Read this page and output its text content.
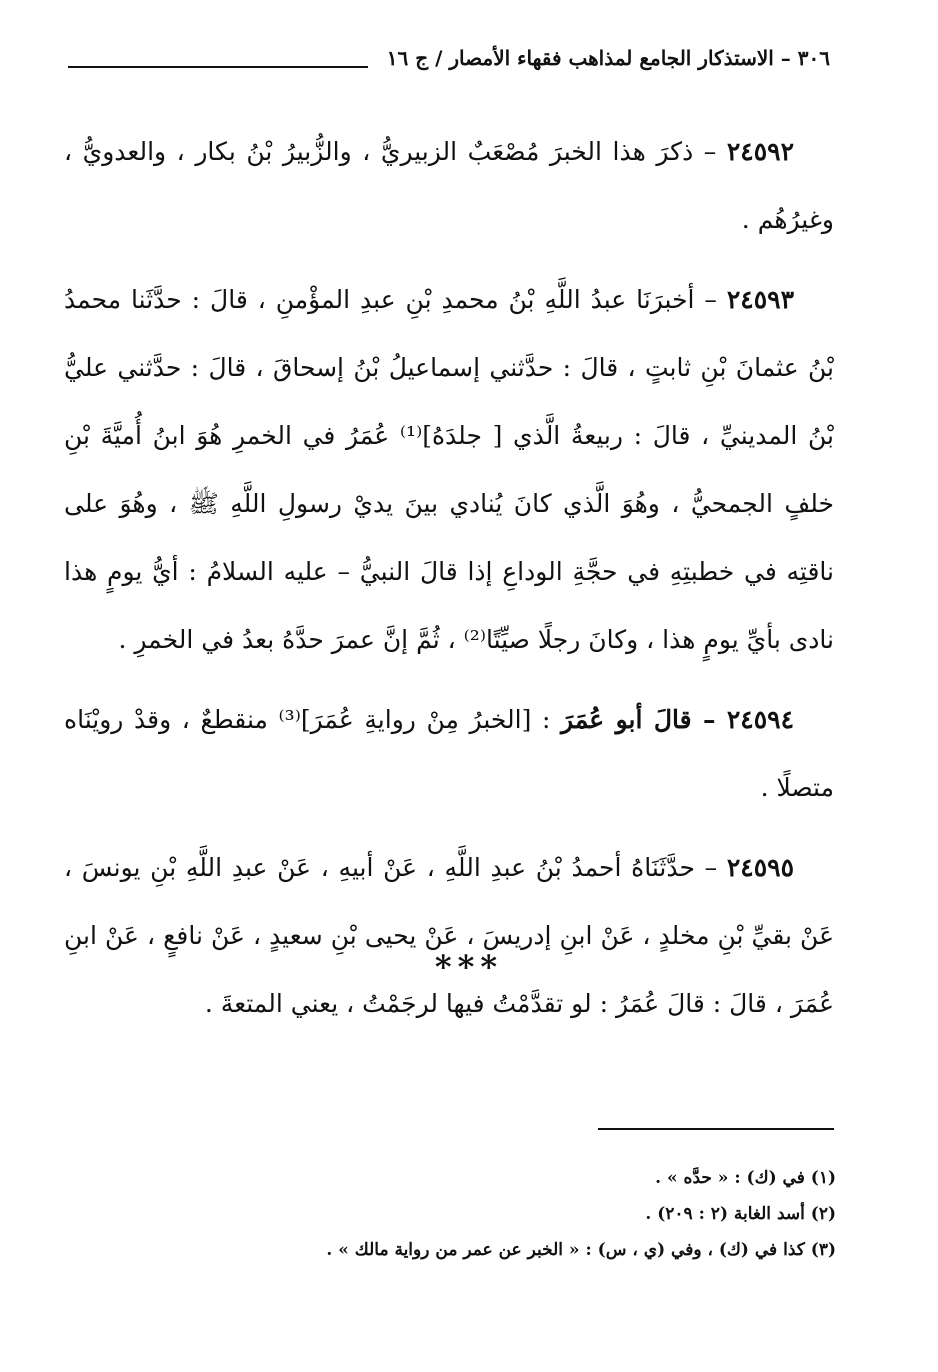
٣٠٦ – الاستذكار الجامع لمذاهب فقهاء الأمصار / ج ١٦

٢٤٥٩٢ – ذكرَ هذا الخبرَ مُصْعَبٌ الزبيريُّ ، والزُّبيرُ بْنُ بكار ، والعدويُّ ، وغيرُهُم .

٢٤٥٩٣ – أخبرَنَا عبدُ اللَّهِ بْنُ محمدِ بْنِ عبدِ المؤْمنِ ، قالَ : حدَّثَنا محمدُ بْنُ عثمانَ بْنِ ثابتٍ ، قالَ : حدَّثني إسماعيلُ بْنُ إسحاقَ ، قالَ : حدَّثني عليُّ بْنُ المدينيِّ ، قالَ : ربيعةُ الَّذي [ جلدَهُ]⁽¹⁾ عُمَرُ في الخمرِ هُوَ ابنُ أُميَّةَ بْنِ خلفٍ الجمحيُّ ، وهُوَ الَّذي كانَ يُنادي بينَ يديْ رسولِ اللَّهِ ﷺ ، وهُوَ على ناقتِه في خطبتِهِ في حجَّةِ الوداعِ إذا قالَ النبيُّ – عليه السلامُ : أيُّ يومٍ هذا نادى بأيِّ يومٍ هذا ، وكانَ رجلًا صيِّتًا⁽²⁾ ، ثُمَّ إنَّ عمرَ حدَّهُ بعدُ في الخمرِ .

٢٤٥٩٤ – قالَ أبو عُمَرَ : [الخبرُ مِنْ روايةِ عُمَرَ]⁽³⁾ منقطعٌ ، وقدْ رويْنَاه متصلًا .

٢٤٥٩٥ – حدَّثَنَاهُ أحمدُ بْنُ عبدِ اللَّهِ ، عَنْ أبيهِ ، عَنْ عبدِ اللَّهِ بْنِ يونسَ ، عَنْ بقيِّ بْنِ مخلدٍ ، عَنْ ابنِ إدريسَ ، عَنْ يحيى بْنِ سعيدٍ ، عَنْ نافعٍ ، عَنْ ابنِ عُمَرَ ، قالَ : قالَ عُمَرُ : لو تقدَّمْتُ فيها لرجَمْتُ ، يعني المتعةَ .

***
(١) في (ك) : « حدَّه » .
(٢) أسد الغابة (٢ : ٢٠٩) .
(٣) كذا في (ك) ، وفي (ي ، س) : « الخبر عن عمر من رواية مالك » .
